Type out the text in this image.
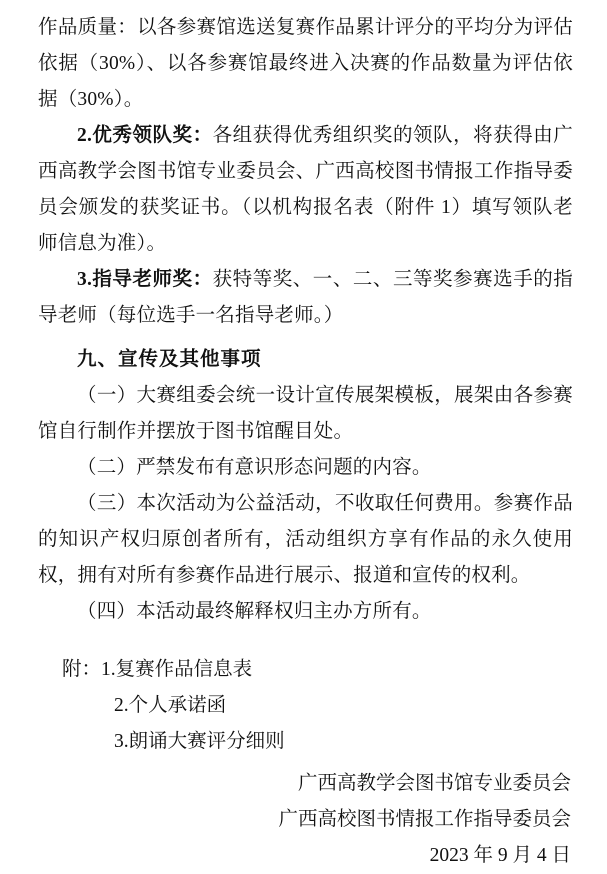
作品质量：以各参赛馆选送复赛作品累计评分的平均分为评估依据（30%）、以各参赛馆最终进入决赛的作品数量为评估依据（30%）。

2.优秀领队奖：各组获得优秀组织奖的领队，将获得由广西高教学会图书馆专业委员会、广西高校图书情报工作指导委员会颁发的获奖证书。（以机构报名表（附件 1）填写领队老师信息为准）。

3.指导老师奖：获特等奖、一、二、三等奖参赛选手的指导老师（每位选手一名指导老师。）

九、宣传及其他事项

（一）大赛组委会统一设计宣传展架模板，展架由各参赛馆自行制作并摆放于图书馆醒目处。

（二）严禁发布有意识形态问题的内容。

（三）本次活动为公益活动，不收取任何费用。参赛作品的知识产权归原创者所有，活动组织方享有作品的永久使用权，拥有对所有参赛作品进行展示、报道和宣传的权利。

（四）本活动最终解释权归主办方所有。

附：1.复赛作品信息表

2.个人承诺函

3.朗诵大赛评分细则

广西高教学会图书馆专业委员会

广西高校图书情报工作指导委员会

2023 年 9 月 4 日
